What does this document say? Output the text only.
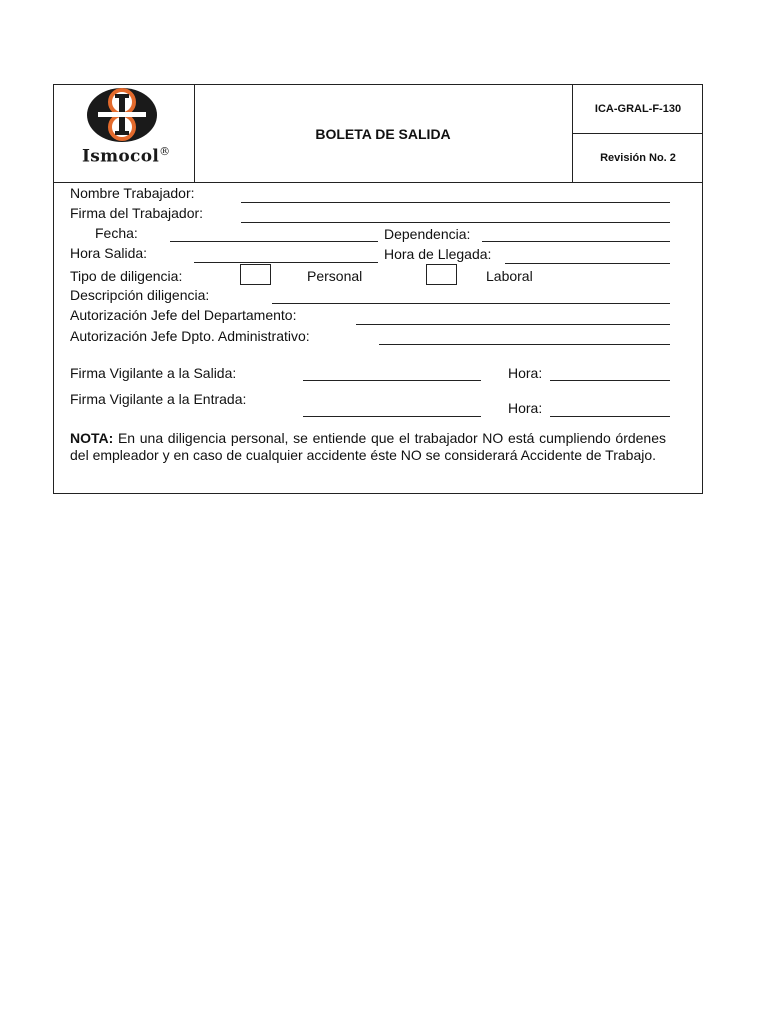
Ismocol®
BOLETA DE SALIDA
ICA-GRAL-F-130
Revisión No. 2
Nombre Trabajador:
Firma del Trabajador:
Fecha:	Dependencia:
Hora Salida:	Hora de Llegada:
Tipo de diligencia:	Personal	Laboral
Descripción diligencia:
Autorización Jefe del Departamento:
Autorización Jefe Dpto. Administrativo:
Firma Vigilante a la Salida:	Hora:
Firma Vigilante a la Entrada:
Hora:
NOTA: En una diligencia personal, se entiende que el trabajador NO está cumpliendo órdenes del empleador y en caso de cualquier accidente éste NO se considerará Accidente de Trabajo.
